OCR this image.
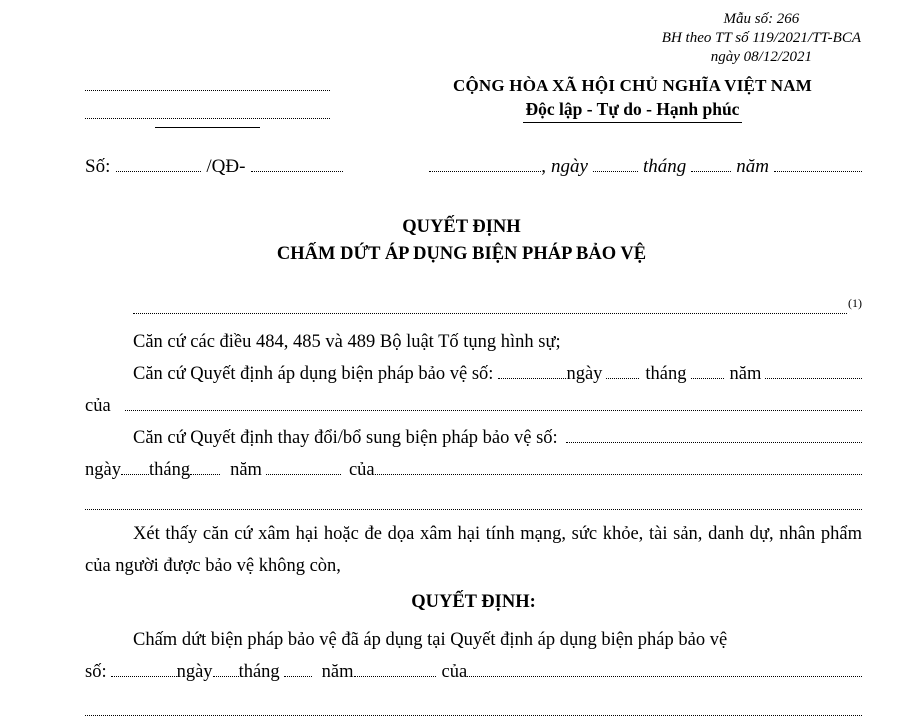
Mẫu số: 266
BH theo TT số 119/2021/TT-BCA
ngày 08/12/2021
CỘNG HÒA XÃ HỘI CHỦ NGHĨA VIỆT NAM
Độc lập - Tự do - Hạnh phúc
Số:	/QĐ-	, ngày	tháng	năm
QUYẾT ĐỊNH
CHẤM DỨT ÁP DỤNG BIỆN PHÁP BẢO VỆ
(1)
Căn cứ các điều 484, 485 và 489 Bộ luật Tố tụng hình sự;
Căn cứ Quyết định áp dụng biện pháp bảo vệ số:	ngày tháng năm
của
Căn cứ Quyết định thay đổi/bổ sung biện pháp bảo vệ số:
ngày tháng năm	của
Xét thấy căn cứ xâm hại hoặc đe dọa xâm hại tính mạng, sức khỏe, tài sản, danh dự, nhân phẩm của người được bảo vệ không còn,
QUYẾT ĐỊNH:
Chấm dứt biện pháp bảo vệ đã áp dụng tại Quyết định áp dụng biện pháp bảo vệ
số:	ngày tháng năm	của
